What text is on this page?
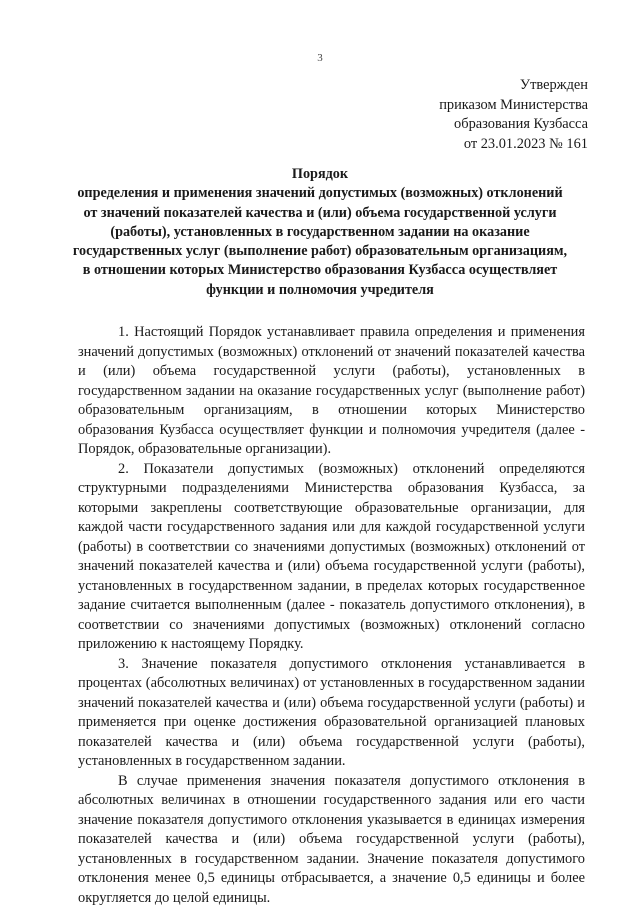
3
Утвержден
приказом Министерства
образования Кузбасса
от 23.01.2023 № 161
Порядок
определения и применения значений допустимых (возможных) отклонений от значений показателей качества и (или) объема государственной услуги (работы), установленных в государственном задании на оказание государственных услуг (выполнение работ) образовательным организациям, в отношении которых Министерство образования Кузбасса осуществляет функции и полномочия учредителя

1. Настоящий Порядок устанавливает правила определения и применения значений допустимых (возможных) отклонений от значений показателей качества и (или) объема государственной услуги (работы), установленных в государственном задании на оказание государственных услуг (выполнение работ) образовательным организациям, в отношении которых Министерство образования Кузбасса осуществляет функции и полномочия учредителя (далее - Порядок, образовательные организации).

2. Показатели допустимых (возможных) отклонений определяются структурными подразделениями Министерства образования Кузбасса, за которыми закреплены соответствующие образовательные организации, для каждой части государственного задания или для каждой государственной услуги (работы) в соответствии со значениями допустимых (возможных) отклонений от значений показателей качества и (или) объема государственной услуги (работы), установленных в государственном задании, в пределах которых государственное задание считается выполненным (далее - показатель допустимого отклонения), в соответствии со значениями допустимых (возможных) отклонений согласно приложению к настоящему Порядку.

3. Значение показателя допустимого отклонения устанавливается в процентах (абсолютных величинах) от установленных в государственном задании значений показателей качества и (или) объема государственной услуги (работы) и применяется при оценке достижения образовательной организацией плановых показателей качества и (или) объема государственной услуги (работы), установленных в государственном задании.

В случае применения значения показателя допустимого отклонения в абсолютных величинах в отношении государственного задания или его части значение показателя допустимого отклонения указывается в единицах измерения показателей качества и (или) объема государственной услуги (работы), установленных в государственном задании. Значение показателя допустимого отклонения менее 0,5 единицы отбрасывается, а значение 0,5 единицы и более округляется до целой единицы.
